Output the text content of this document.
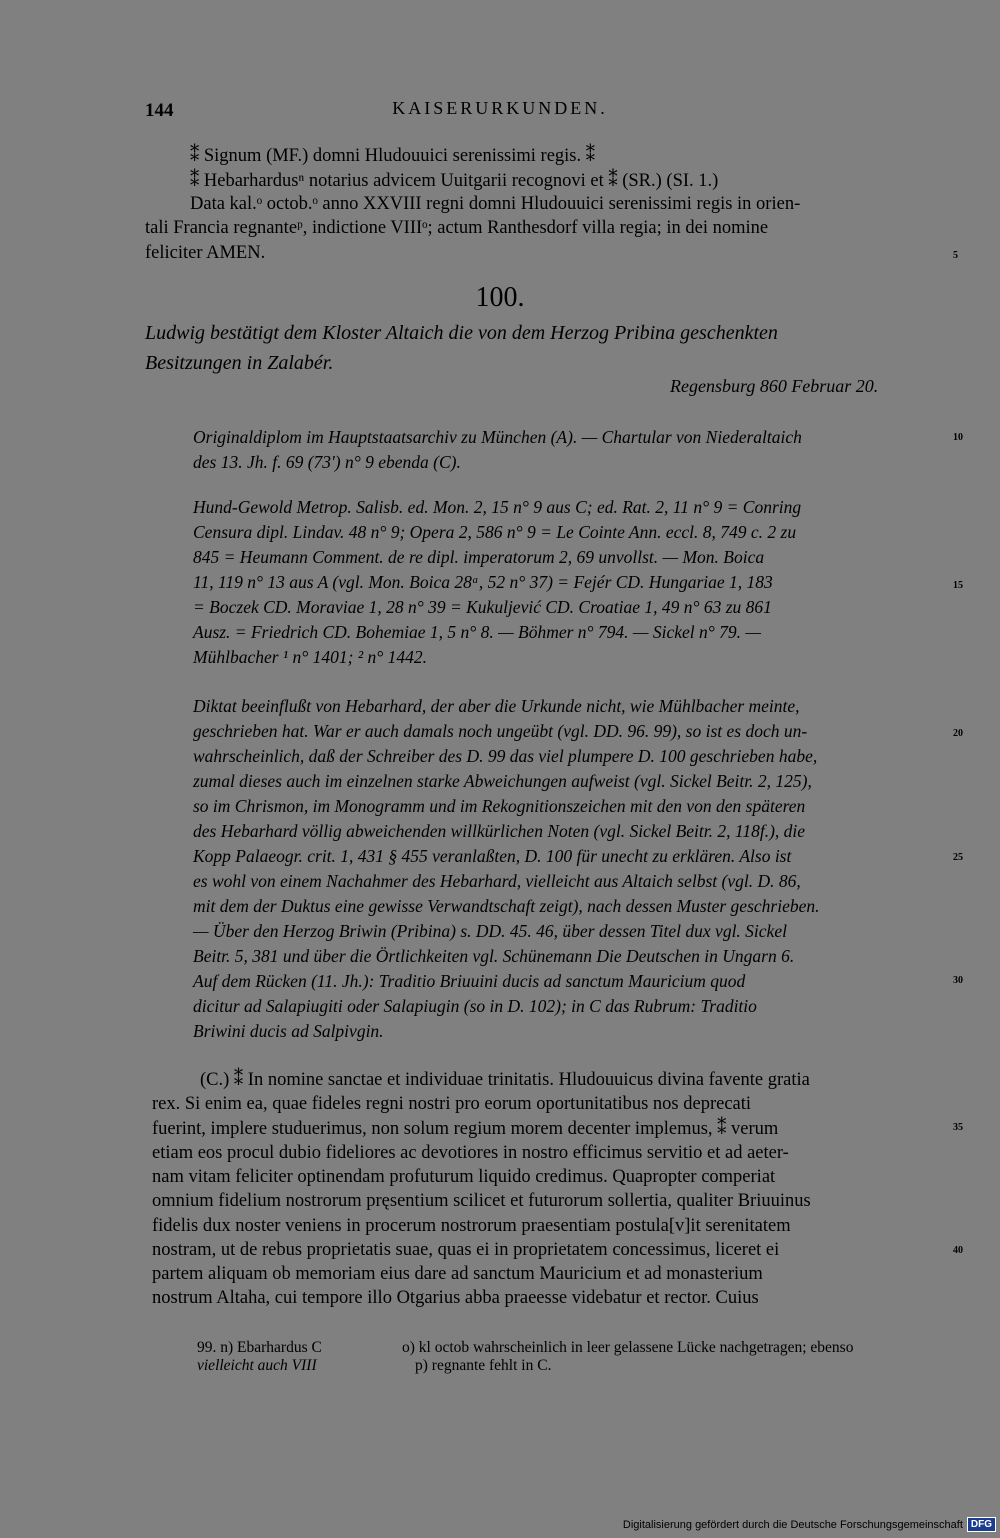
144	KAISERURKUNDEN.
⁑ Signum (MF.) domni Hludouuici serenissimi regis. ⁑
⁑ Hebarhardusⁿ notarius advicem Uuitgarii recognovi et ⁑ (SR.) (SI. 1.)
Data kal.ᵒ octob.ᵒ anno XXVIII regni domni Hludouuici serenissimi regis in orien-
tali Francia regnanteᵖ, indictione VIIIᵒ; actum Ranthesdorf villa regia; in dei nomine
feliciter AMEN.
100.
Ludwig bestätigt dem Kloster Altaich die von dem Herzog Pribina geschenkten
Besitzungen in Zalabér.
Regensburg 860 Februar 20.
Originaldiplom im Hauptstaatsarchiv zu München (A). — Chartular von Niederaltaich
des 13. Jh. f. 69 (73') n° 9 ebenda (C).
Hund-Gewold Metrop. Salisb. ed. Mon. 2, 15 n° 9 aus C; ed. Rat. 2, 11 n° 9 = Conring
Censura dipl. Lindav. 48 n° 9; Opera 2, 586 n° 9 = Le Cointe Ann. eccl. 8, 749 c. 2 zu
845 = Heumann Comment. de re dipl. imperatorum 2, 69 unvollst. — Mon. Boica
11, 119 n° 13 aus A (vgl. Mon. Boica 28ᵃ, 52 n° 37) = Fejér CD. Hungariae 1, 183
= Boczek CD. Moraviae 1, 28 n° 39 = Kukuljević CD. Croatiae 1, 49 n° 63 zu 861
Ausz. = Friedrich CD. Bohemiae 1, 5 n° 8. — Böhmer n° 794. — Sickel n° 79. —
Mühlbacher ¹ n° 1401; ² n° 1442.
Diktat beeinflußt von Hebarhard, der aber die Urkunde nicht, wie Mühlbacher meinte,
geschrieben hat. War er auch damals noch ungeübt (vgl. DD. 96. 99), so ist es doch un-
wahrscheinlich, daß der Schreiber des D. 99 das viel plumpere D. 100 geschrieben habe,
zumal dieses auch im einzelnen starke Abweichungen aufweist (vgl. Sickel Beitr. 2, 125),
so im Chrismon, im Monogramm und im Rekognitionszeichen mit den von den späteren
des Hebarhard völlig abweichenden willkürlichen Noten (vgl. Sickel Beitr. 2, 118f.), die
Kopp Palaeogr. crit. 1, 431 § 455 veranlaßten, D. 100 für unecht zu erklären. Also ist
es wohl von einem Nachahmer des Hebarhard, vielleicht aus Altaich selbst (vgl. D. 86,
mit dem der Duktus eine gewisse Verwandtschaft zeigt), nach dessen Muster geschrieben.
— Über den Herzog Briwin (Pribina) s. DD. 45. 46, über dessen Titel dux vgl. Sickel
Beitr. 5, 381 und über die Örtlichkeiten vgl. Schünemann Die Deutschen in Ungarn 6.
Auf dem Rücken (11. Jh.): Traditio Briuuini ducis ad sanctum Mauricium quod
dicitur ad Salapiugiti oder Salapiugin (so in D. 102); in C das Rubrum: Traditio
Briwini ducis ad Salpivgin.
(C.) ⁑ In nomine sanctae et individuae trinitatis. Hludouuicus divina favente gratia
rex. Si enim ea, quae fideles regni nostri pro eorum oportunitatibus nos deprecati
fuerint, implere studuerimus, non solum regium morem decenter implemus, ⁑ verum
etiam eos procul dubio fideliores ac devotiores in nostro efficimus servitio et ad aeter-
nam vitam feliciter optinendam profuturum liquido credimus. Quapropter comperiat
omnium fidelium nostrorum pręsentium scilicet et futurorum sollertia, qualiter Briuuinus
fidelis dux noster veniens in procerum nostrorum praesentiam postula[v]it serenitatem
nostram, ut de rebus proprietatis suae, quas ei in proprietatem concessimus, liceret ei
partem aliquam ob memoriam eius dare ad sanctum Mauricium et ad monasterium
nostrum Altaha, cui tempore illo Otgarius abba praeesse videbatur et rector. Cuius
5
10
15
20
25
30
35
40
99. n) Ebarhardus C
vielleicht auch VIII
o) kl octob wahrscheinlich in leer gelassene Lücke nachgetragen; ebenso
p) regnante fehlt in C.
Digitalisierung gefördert durch die Deutsche Forschungsgemeinschaft DFG
